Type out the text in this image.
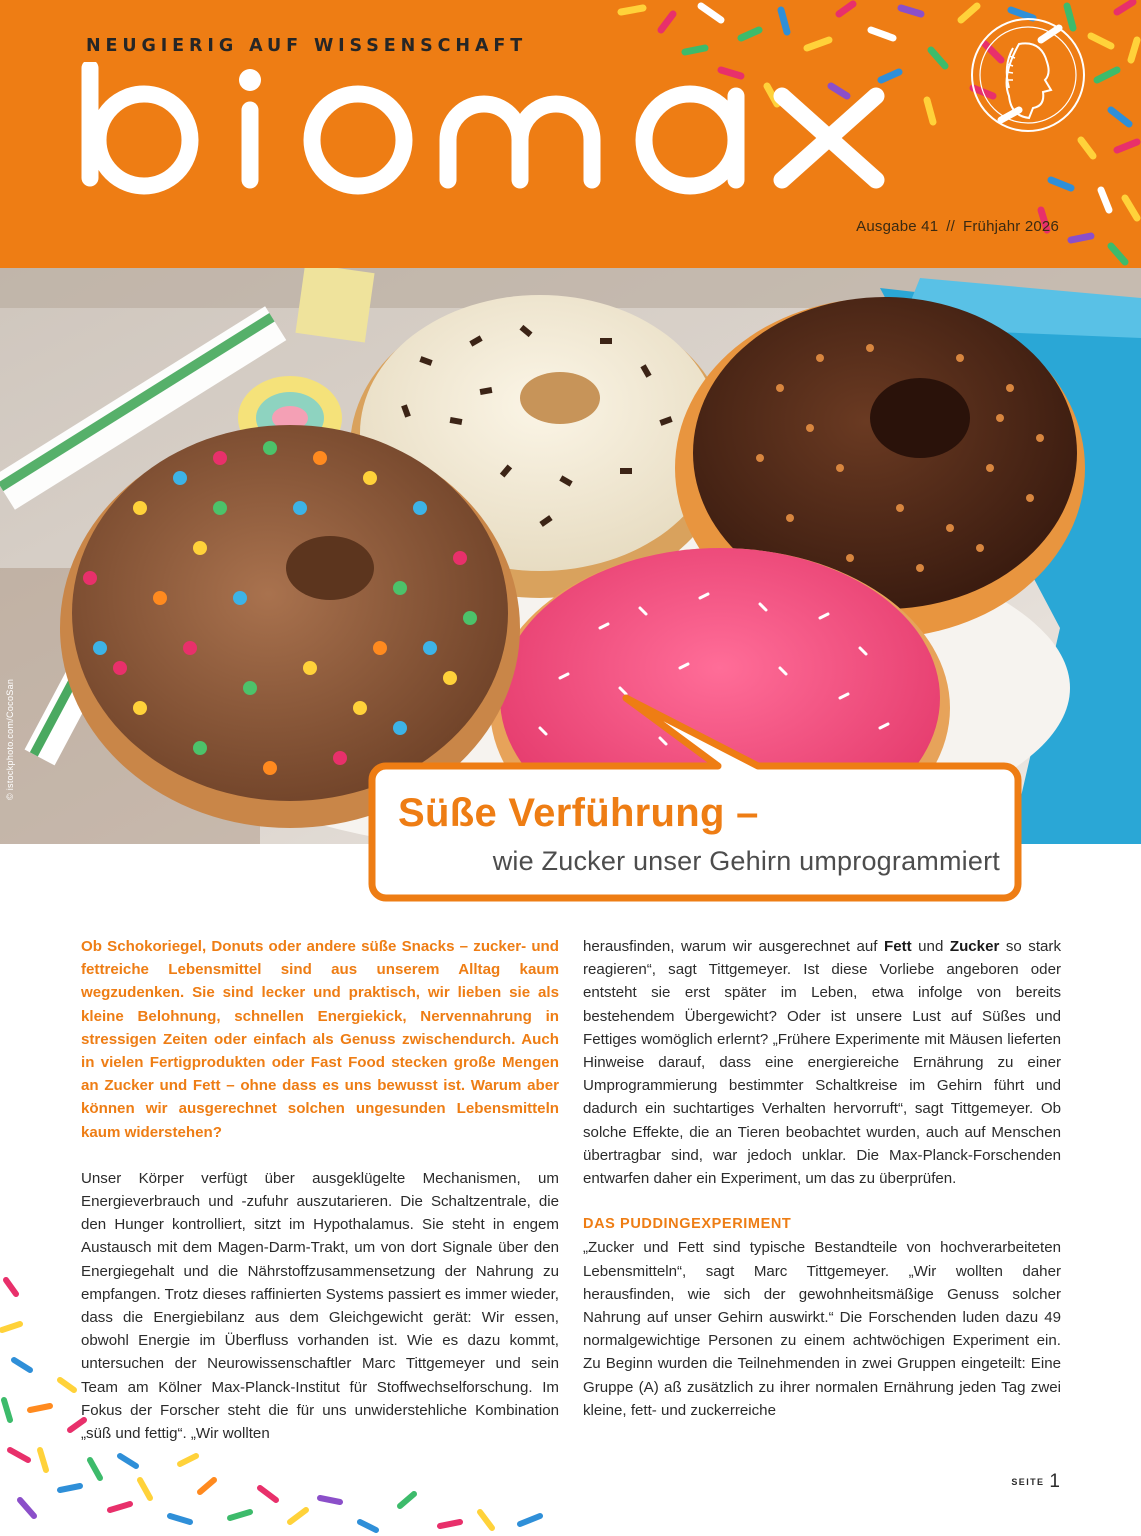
NEUGIERIG AUF WISSENSCHAFT
Ausgabe 41 // Frühjahr 2026
© istockphoto.com/CocoSan
Süße Verführung –
wie Zucker unser Gehirn umprogrammiert

Ob Schokoriegel, Donuts oder andere süße Snacks – zucker- und fettreiche Lebensmittel sind aus unserem Alltag kaum wegzudenken. Sie sind lecker und praktisch, wir lieben sie als kleine Belohnung, schnellen Energiekick, Nervennahrung in stressigen Zeiten oder einfach als Genuss zwischendurch. Auch in vielen Fertigprodukten oder Fast Food stecken große Mengen an Zucker und Fett – ohne dass es uns bewusst ist. Warum aber können wir ausgerechnet solchen ungesunden Lebensmitteln kaum widerstehen?

Unser Körper verfügt über ausgeklügelte Mechanismen, um Energieverbrauch und -zufuhr auszutarieren. Die Schaltzentrale, die den Hunger kontrolliert, sitzt im Hypothalamus. Sie steht in engem Austausch mit dem Magen-Darm-Trakt, um von dort Signale über den Energiegehalt und die Nährstoffzusammensetzung der Nahrung zu empfangen. Trotz dieses raffinierten Systems passiert es immer wieder, dass die Energiebilanz aus dem Gleichgewicht gerät: Wir essen, obwohl Energie im Überfluss vorhanden ist. Wie es dazu kommt, untersuchen der Neurowissenschaftler Marc Tittgemeyer und sein Team am Kölner Max-Planck-Institut für Stoffwechselforschung. Im Fokus der Forscher steht die für uns unwiderstehliche Kombination „süß und fettig“. „Wir wollten

herausfinden, warum wir ausgerechnet auf Fett und Zucker so stark reagieren“, sagt Tittgemeyer. Ist diese Vorliebe angeboren oder entsteht sie erst später im Leben, etwa infolge von bereits bestehendem Übergewicht? Oder ist unsere Lust auf Süßes und Fettiges womöglich erlernt? „Frühere Experimente mit Mäusen lieferten Hinweise darauf, dass eine energiereiche Ernährung zu einer Umprogrammierung bestimmter Schaltkreise im Gehirn führt und dadurch ein suchtartiges Verhalten hervorruft“, sagt Tittgemeyer. Ob solche Effekte, die an Tieren beobachtet wurden, auch auf Menschen übertragbar sind, war jedoch unklar. Die Max-Planck-Forschenden entwarfen daher ein Experiment, um das zu überprüfen.

DAS PUDDINGEXPERIMENT

„Zucker und Fett sind typische Bestandteile von hochverarbeiteten Lebensmitteln“, sagt Marc Tittgemeyer. „Wir wollten daher herausfinden, wie sich der gewohnheitsmäßige Genuss solcher Nahrung auf unser Gehirn auswirkt.“ Die Forschenden luden dazu 49 normalgewichtige Personen zu einem achtwöchigen Experiment ein. Zu Beginn wurden die Teilnehmenden in zwei Gruppen eingeteilt: Eine Gruppe (A) aß zusätzlich zu ihrer normalen Ernährung jeden Tag zwei kleine, fett- und zuckerreiche

SEITE 1
